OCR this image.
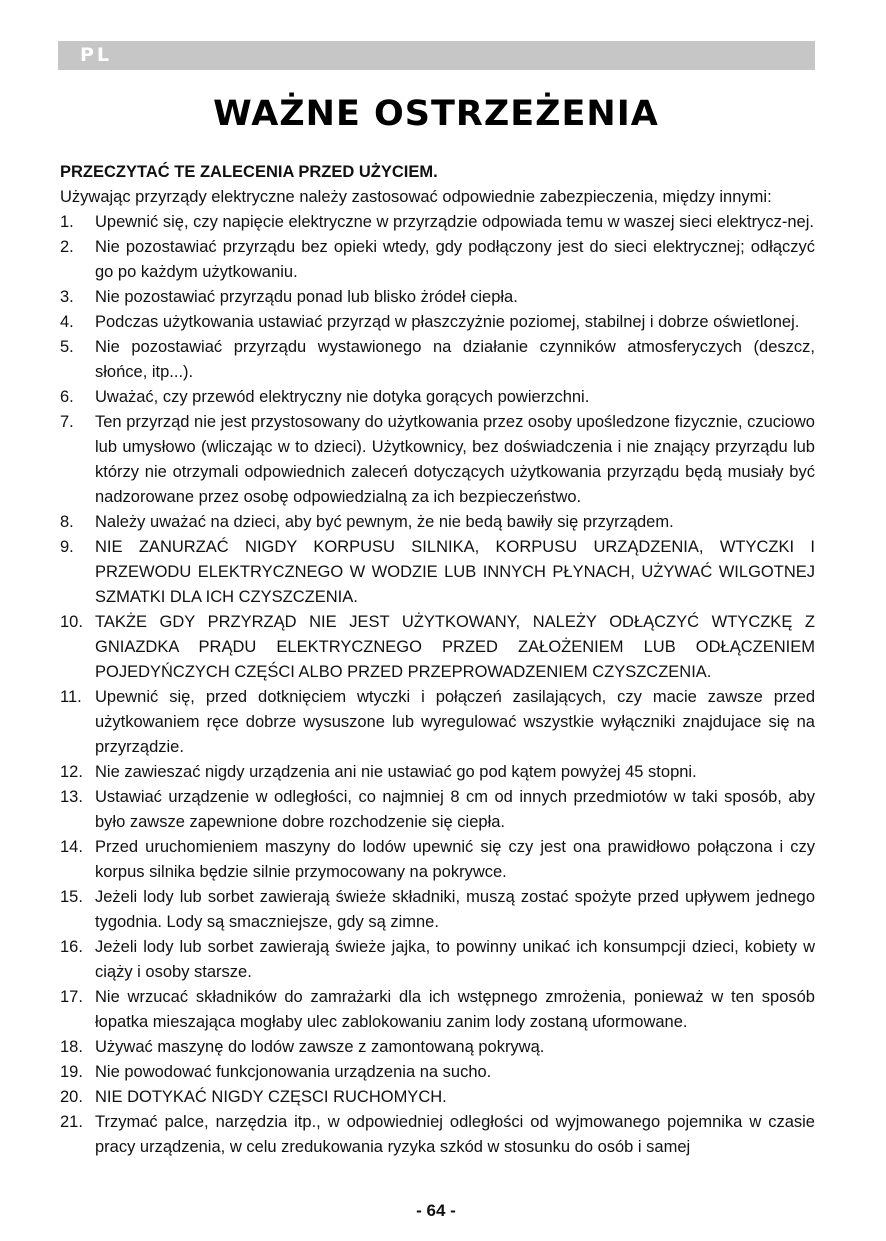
PL
WAŻNE OSTRZEŻENIA

PRZECZYTAĆ TE ZALECENIA PRZED UŻYCIEM.

Używając przyrządy elektryczne należy zastosować odpowiednie zabezpieczenia, między innymi:

1. Upewnić się, czy napięcie elektryczne w przyrządzie odpowiada temu w waszej sieci elektrycz-nej.
2. Nie pozostawiać przyrządu bez opieki wtedy, gdy podłączony jest do sieci elektrycznej; odłączyć go po każdym użytkowaniu.
3. Nie pozostawiać przyrządu ponad lub blisko żródeł ciepła.
4. Podczas użytkowania ustawiać przyrząd w płaszczyżnie poziomej, stabilnej i dobrze oświetlonej.
5. Nie pozostawiać przyrządu wystawionego na działanie czynników atmosferyczych (deszcz, słońce, itp...).
6. Uważać, czy przewód elektryczny nie dotyka gorących powierzchni.
7. Ten przyrząd nie jest przystosowany do użytkowania przez osoby upośledzone fizycznie, czuciowo lub umysłowo (wliczając w to dzieci). Użytkownicy, bez doświadczenia i nie znający przyrządu lub którzy nie otrzymali odpowiednich zaleceń dotyczących użytkowania przyrządu będą musiały być nadzorowane przez osobę odpowiedzialną za ich bezpieczeństwo.
8. Należy uważać na dzieci, aby być pewnym, że nie bedą bawiły się przyrządem.
9. NIE ZANURZAĆ NIGDY KORPUSU SILNIKA, KORPUSU URZĄDZENIA, WTYCZKI I PRZEWODU ELEKTRYCZNEGO W WODZIE LUB INNYCH PŁYNACH, UŻYWAĆ WILGOTNEJ SZMATKI DLA ICH CZYSZCZENIA.
10. TAKŻE GDY PRZYRZĄD NIE JEST UŻYTKOWANY, NALEŻY ODŁĄCZYĆ WTYCZKĘ Z GNIAZDKA PRĄDU ELEKTRYCZNEGO PRZED ZAŁOŻENIEM LUB ODŁĄCZENIEM POJEDYŃCZYCH CZĘŚCI ALBO PRZED PRZEPROWADZENIEM CZYSZCZENIA.
11. Upewnić się, przed dotknięciem wtyczki i połączeń zasilających, czy macie zawsze przed użytkowaniem ręce dobrze wysuszone lub wyregulować wszystkie wyłączniki znajdujace się na przyrządzie.
12. Nie zawieszać nigdy urządzenia ani nie ustawiać go pod kątem powyżej 45 stopni.
13. Ustawiać urządzenie w odległości, co najmniej 8 cm od innych przedmiotów w taki sposób, aby było zawsze zapewnione dobre rozchodzenie się ciepła.
14. Przed uruchomieniem maszyny do lodów upewnić się czy jest ona prawidłowo połączona i czy korpus silnika będzie silnie przymocowany na pokrywce.
15. Jeżeli lody lub sorbet zawierają świeże składniki, muszą zostać spożyte przed upływem jednego tygodnia. Lody są smaczniejsze, gdy są zimne.
16. Jeżeli lody lub sorbet zawierają świeże jajka, to powinny unikać ich konsumpcji dzieci, kobiety w ciąży i osoby starsze.
17. Nie wrzucać składników do zamrażarki dla ich wstępnego zmrożenia, ponieważ w ten sposób łopatka mieszająca mogłaby ulec zablokowaniu zanim lody zostaną uformowane.
18. Używać maszynę do lodów zawsze z zamontowaną pokrywą.
19. Nie powodować funkcjonowania urządzenia na sucho.
20. NIE DOTYKAĆ NIGDY CZĘSCI RUCHOMYCH.
21. Trzymać palce, narzędzia itp., w odpowiedniej odległości od wyjmowanego pojemnika w czasie pracy urządzenia, w celu zredukowania ryzyka szkód w stosunku do osób i samej
- 64 -
